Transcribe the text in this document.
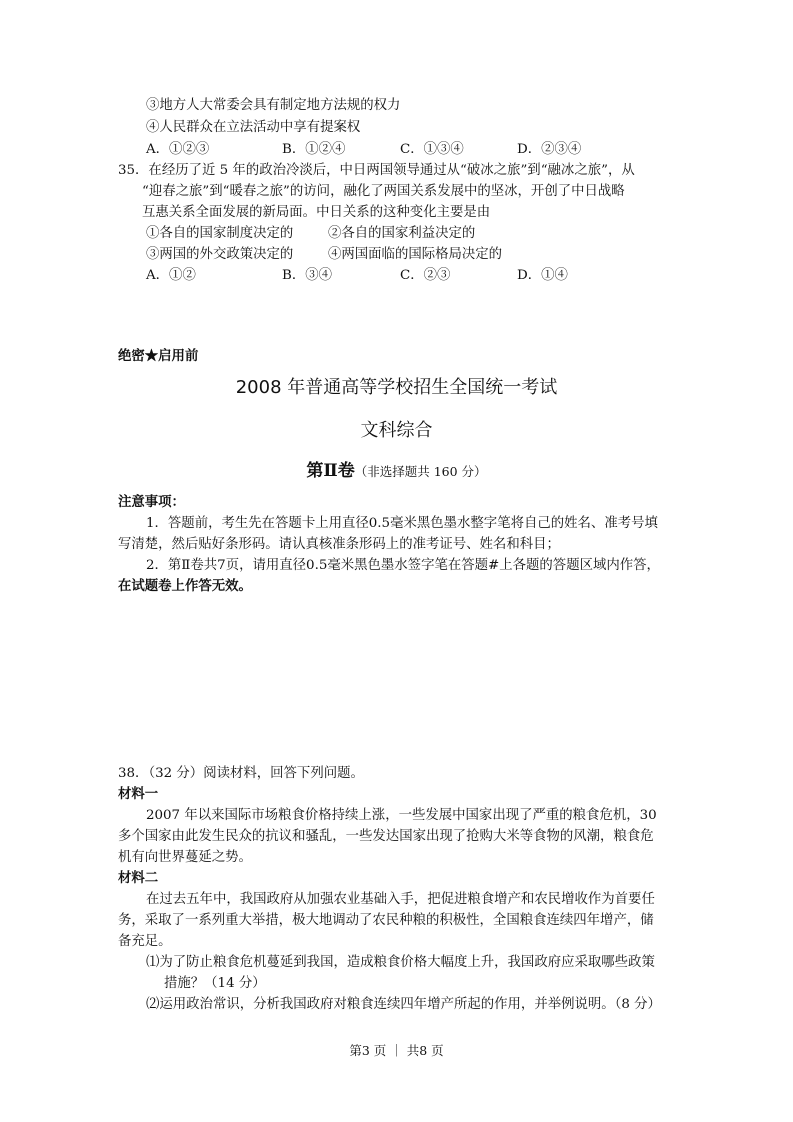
③地方人大常委会具有制定地方法规的权力
④人民群众在立法活动中享有提案权
A．①②③	B．①②④	C．①③④	D．②③④
35．在经历了近 5 年的政治冷淡后，中日两国领导通过从“破冰之旅”到“融冰之旅”，从
“迎春之旅”到“暖春之旅”的访问，融化了两国关系发展中的坚冰，开创了中日战略
互惠关系全面发展的新局面。中日关系的这种变化主要是由
①各自的国家制度决定的	②各自的国家利益决定的
③两国的外交政策决定的	④两国面临的国际格局决定的
A．①②	B．③④	C．②③	D．①④
绝密★启用前
2008 年普通高等学校招生全国统一考试
文科综合
第Ⅱ卷（非选择题共 160 分）
注意事项：
1．答题前，考生先在答题卡上用直径0.5毫米黑色墨水整字笔将自己的姓名、准考号填
写清楚，然后贴好条形码。请认真核准条形码上的准考证号、姓名和科目；
2．第Ⅱ卷共7页，请用直径0.5毫米黑色墨水签字笔在答题#上各题的答题区域内作答，
在试题卷上作答无效。
38．（32 分）阅读材料，回答下列问题。
材料一
2007 年以来国际市场粮食价格持续上涨，一些发展中国家出现了严重的粮食危机，30
多个国家由此发生民众的抗议和骚乱，一些发达国家出现了抢购大米等食物的风潮，粮食危
机有向世界蔓延之势。
材料二
在过去五年中，我国政府从加强农业基础入手，把促进粮食增产和农民增收作为首要任
务，采取了一系列重大举措，极大地调动了农民种粮的积极性，全国粮食连续四年增产，储
备充足。
⑴为了防止粮食危机蔓延到我国，造成粮食价格大幅度上升，我国政府应采取哪些政策
措施？（14 分）
⑵运用政治常识，分析我国政府对粮食连续四年增产所起的作用，并举例说明。（8 分）
第3 页 ｜ 共8 页
